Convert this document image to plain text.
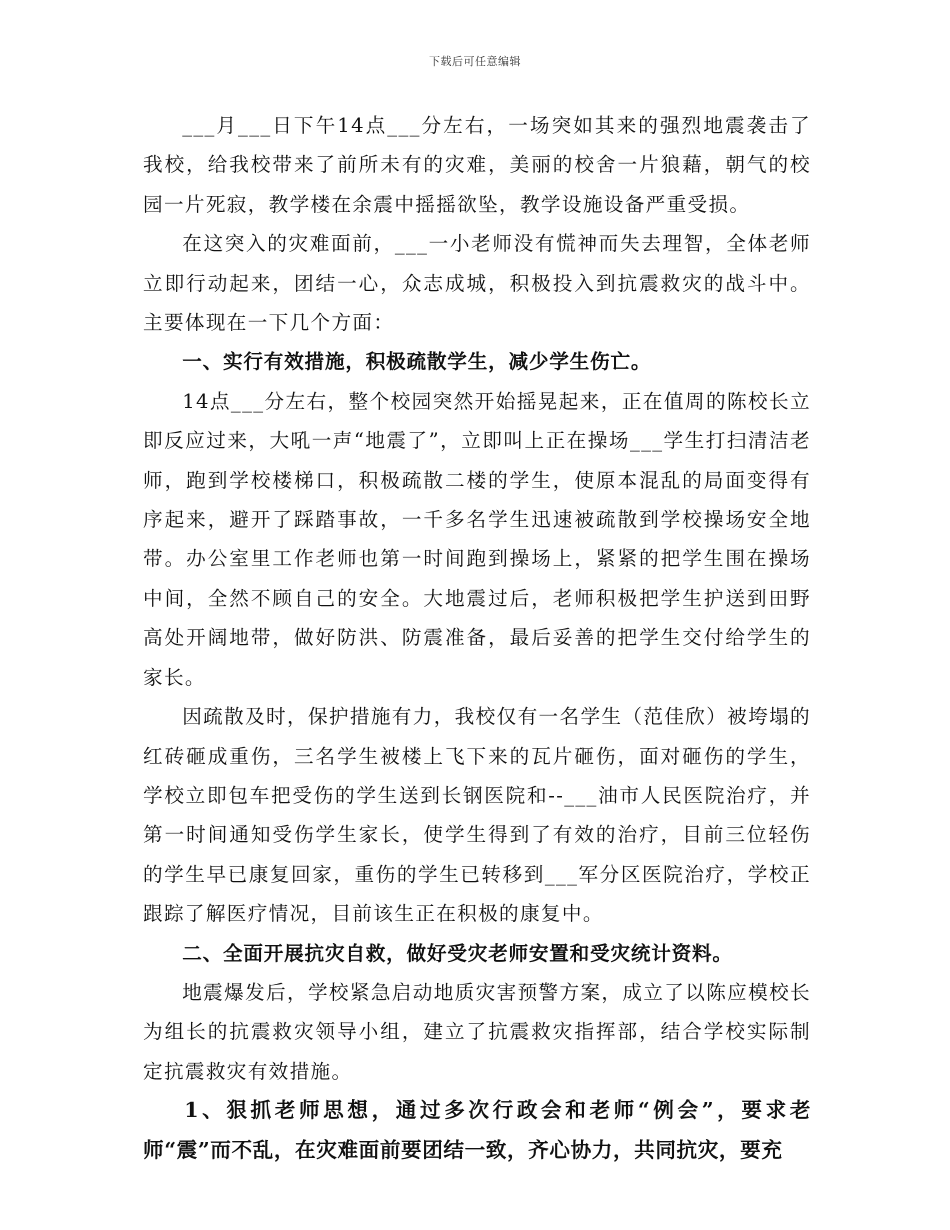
下载后可任意编辑

___月___日下午14点___分左右，一场突如其来的强烈地震袭击了我校，给我校带来了前所未有的灾难，美丽的校舍一片狼藉，朝气的校园一片死寂，教学楼在余震中摇摇欲坠，教学设施设备严重受损。

在这突入的灾难面前，___一小老师没有慌神而失去理智，全体老师立即行动起来，团结一心，众志成城，积极投入到抗震救灾的战斗中。主要体现在一下几个方面：

一、实行有效措施，积极疏散学生，减少学生伤亡。

14点___分左右，整个校园突然开始摇晃起来，正在值周的陈校长立即反应过来，大吼一声“地震了”，立即叫上正在操场___学生打扫清洁老师，跑到学校楼梯口，积极疏散二楼的学生，使原本混乱的局面变得有序起来，避开了踩踏事故，一千多名学生迅速被疏散到学校操场安全地带。办公室里工作老师也第一时间跑到操场上，紧紧的把学生围在操场中间，全然不顾自己的安全。大地震过后，老师积极把学生护送到田野高处开阔地带，做好防洪、防震准备，最后妥善的把学生交付给学生的家长。

因疏散及时，保护措施有力，我校仅有一名学生（范佳欣）被垮塌的红砖砸成重伤，三名学生被楼上飞下来的瓦片砸伤，面对砸伤的学生，学校立即包车把受伤的学生送到长钢医院和--___油市人民医院治疗，并第一时间通知受伤学生家长，使学生得到了有效的治疗，目前三位轻伤的学生早已康复回家，重伤的学生已转移到___军分区医院治疗，学校正跟踪了解医疗情况，目前该生正在积极的康复中。

二、全面开展抗灾自救，做好受灾老师安置和受灾统计资料。

地震爆发后，学校紧急启动地质灾害预警方案，成立了以陈应模校长为组长的抗震救灾领导小组，建立了抗震救灾指挥部，结合学校实际制定抗震救灾有效措施。

1、狠抓老师思想，通过多次行政会和老师“例会”，要求老师“震”而不乱，在灾难面前要团结一致，齐心协力，共同抗灾，要充
